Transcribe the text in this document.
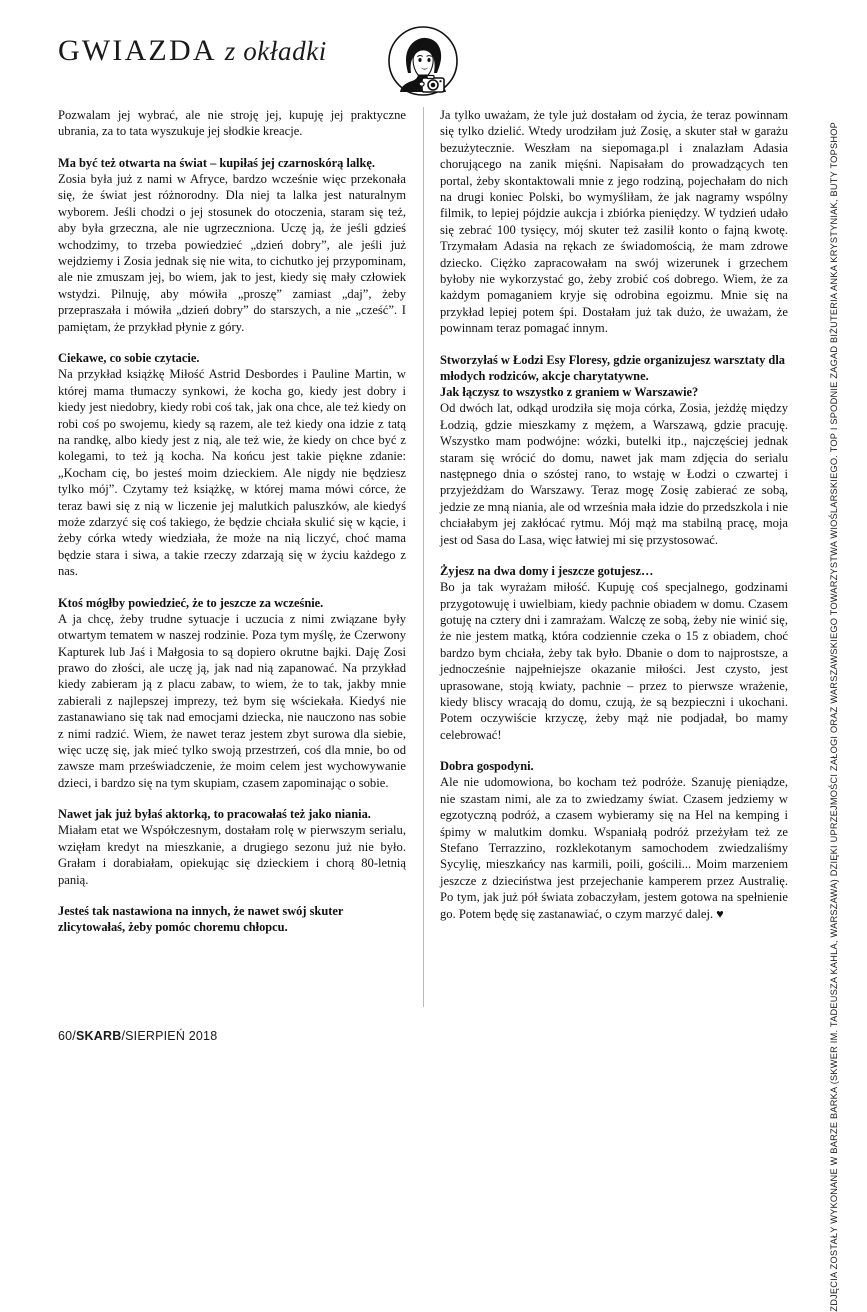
GWIAZDA z okładki

Pozwalam jej wybrać, ale nie stroję jej, kupuję jej praktyczne ubrania, za to tata wyszukuje jej słodkie kreacje.

Ma być też otwarta na świat – kupiłaś jej czarnoskórą lalkę.

Zosia była już z nami w Afryce, bardzo wcześnie więc przekonała się, że świat jest różnorodny. Dla niej ta lalka jest naturalnym wyborem. Jeśli chodzi o jej stosunek do otoczenia, staram się też, aby była grzeczna, ale nie ugrzeczniona. Uczę ją, że jeśli gdzieś wchodzimy, to trzeba powiedzieć „dzień dobry”, ale jeśli już wejdziemy i Zosia jednak się nie wita, to cichutko jej przypominam, ale nie zmuszam jej, bo wiem, jak to jest, kiedy się mały człowiek wstydzi. Pilnuję, aby mówiła „proszę” zamiast „daj”, żeby przepraszała i mówiła „dzień dobry” do starszych, a nie „cześć”. I pamiętam, że przykład płynie z góry.

Ciekawe, co sobie czytacie.

Na przykład książkę Miłość Astrid Desbordes i Pauline Martin, w której mama tłumaczy synkowi, że kocha go, kiedy jest dobry i kiedy jest niedobry, kiedy robi coś tak, jak ona chce, ale też kiedy on robi coś po swojemu, kiedy są razem, ale też kiedy ona idzie z tatą na randkę, albo kiedy jest z nią, ale też wie, że kiedy on chce być z kolegami, to też ją kocha. Na końcu jest takie piękne zdanie: „Kocham cię, bo jesteś moim dzieckiem. Ale nigdy nie będziesz tylko mój”. Czytamy też książkę, w której mama mówi córce, że teraz bawi się z nią w liczenie jej malutkich paluszków, ale kiedyś może zdarzyć się coś takiego, że będzie chciała skulić się w kącie, i żeby córka wtedy wiedziała, że może na nią liczyć, choć mama będzie stara i siwa, a takie rzeczy zdarzają się w życiu każdego z nas.

Ktoś mógłby powiedzieć, że to jeszcze za wcześnie.

A ja chcę, żeby trudne sytuacje i uczucia z nimi związane były otwartym tematem w naszej rodzinie. Poza tym myślę, że Czerwony Kapturek lub Jaś i Małgosia to są dopiero okrutne bajki. Daję Zosi prawo do złości, ale uczę ją, jak nad nią zapanować. Na przykład kiedy zabieram ją z placu zabaw, to wiem, że to tak, jakby mnie zabierali z najlepszej imprezy, też bym się wściekała. Kiedyś nie zastanawiano się tak nad emocjami dziecka, nie nauczono nas sobie z nimi radzić. Wiem, że nawet teraz jestem zbyt surowa dla siebie, więc uczę się, jak mieć tylko swoją przestrzeń, coś dla mnie, bo od zawsze mam przeświadczenie, że moim celem jest wychowywanie dzieci, i bardzo się na tym skupiam, czasem zapominając o sobie.

Nawet jak już byłaś aktorką, to pracowałaś też jako niania.

Miałam etat we Współczesnym, dostałam rolę w pierwszym serialu, wzięłam kredyt na mieszkanie, a drugiego sezonu już nie było. Grałam i dorabiałam, opiekując się dzieckiem i chorą 80-letnią panią.

Jesteś tak nastawiona na innych, że nawet swój skuter zlicytowałaś, żeby pomóc choremu chłopcu.

Ja tylko uważam, że tyle już dostałam od życia, że teraz powinnam się tylko dzielić. Wtedy urodziłam już Zosię, a skuter stał w garażu bezużytecznie. Weszłam na siepomaga.pl i znalazłam Adasia chorującego na zanik mięśni. Napisałam do prowadzących ten portal, żeby skontaktowali mnie z jego rodziną, pojechałam do nich na drugi koniec Polski, bo wymyśliłam, że jak nagramy wspólny filmik, to lepiej pójdzie aukcja i zbiórka pieniędzy. W tydzień udało się zebrać 100 tysięcy, mój skuter też zasilił konto o fajną kwotę. Trzymałam Adasia na rękach ze świadomością, że mam zdrowe dziecko. Ciężko zapracowałam na swój wizerunek i grzechem byłoby nie wykorzystać go, żeby zrobić coś dobrego. Wiem, że za każdym pomaganiem kryje się odrobina egoizmu. Mnie się na przykład lepiej potem śpi. Dostałam już tak dużo, że uważam, że powinnam teraz pomagać innym.

Stworzyłaś w Łodzi Esy Floresy, gdzie organizujesz warsztaty dla młodych rodziców, akcje charytatywne.

Jak łączysz to wszystko z graniem w Warszawie?

Od dwóch lat, odkąd urodziła się moja córka, Zosia, jeżdżę między Łodzią, gdzie mieszkamy z mężem, a Warszawą, gdzie pracuję. Wszystko mam podwójne: wózki, butelki itp., najczęściej jednak staram się wrócić do domu, nawet jak mam zdjęcia do serialu następnego dnia o szóstej rano, to wstaję w Łodzi o czwartej i przyjeżdżam do Warszawy. Teraz mogę Zosię zabierać ze sobą, jedzie ze mną niania, ale od września mała idzie do przedszkola i nie chciałabym jej zakłócać rytmu. Mój mąż ma stabilną pracę, moja jest od Sasa do Lasa, więc łatwiej mi się przystosować.

Żyjesz na dwa domy i jeszcze gotujesz…

Bo ja tak wyrażam miłość. Kupuję coś specjalnego, godzinami przygotowuję i uwielbiam, kiedy pachnie obiadem w domu. Czasem gotuję na cztery dni i zamrażam. Walczę ze sobą, żeby nie winić się, że nie jestem matką, która codziennie czeka o 15 z obiadem, choć bardzo bym chciała, żeby tak było. Dbanie o dom to najprostsze, a jednocześnie najpełniejsze okazanie miłości. Jest czysto, jest uprasowane, stoją kwiaty, pachnie – przez to pierwsze wrażenie, kiedy bliscy wracają do domu, czują, że są bezpieczni i ukochani. Potem oczywiście krzyczę, żeby mąż nie podjadał, bo mamy celebrować!

Dobra gospodyni.

Ale nie udomowiona, bo kocham też podróże. Szanuję pieniądze, nie szastam nimi, ale za to zwiedzamy świat. Czasem jedziemy w egzotyczną podróż, a czasem wybieramy się na Hel na kemping i śpimy w malutkim domku. Wspaniałą podróż przeżyłam też ze Stefano Terrazzino, rozklekotanym samochodem zwiedzaliśmy Sycylię, mieszkańcy nas karmili, poili, gościli... Moim marzeniem jeszcze z dzieciństwa jest przejechanie kamperem przez Australię. Po tym, jak już pół świata zobaczyłam, jestem gotowa na spełnienie go. Potem będę się zastanawiać, o czym marzyć dalej. ♥	ZDJĘCIA ZOSTAŁY WYKONANE W BARZE BARKA (SKWER IM. TADEUSZA KAHLA, WARSZAWA) DZIĘKI UPRZEJMOŚCI ZAŁOGI ORAZ WARSZAWSKIEGO TOWARZYSTWA WIOŚLARSKIEGO. TOP I SPODNIE ZAGAD BIŻUTERIA ANKA KRYSTYNIAK, BUTY TOPSHOP
60/SKARB/SIERPIEŃ 2018
